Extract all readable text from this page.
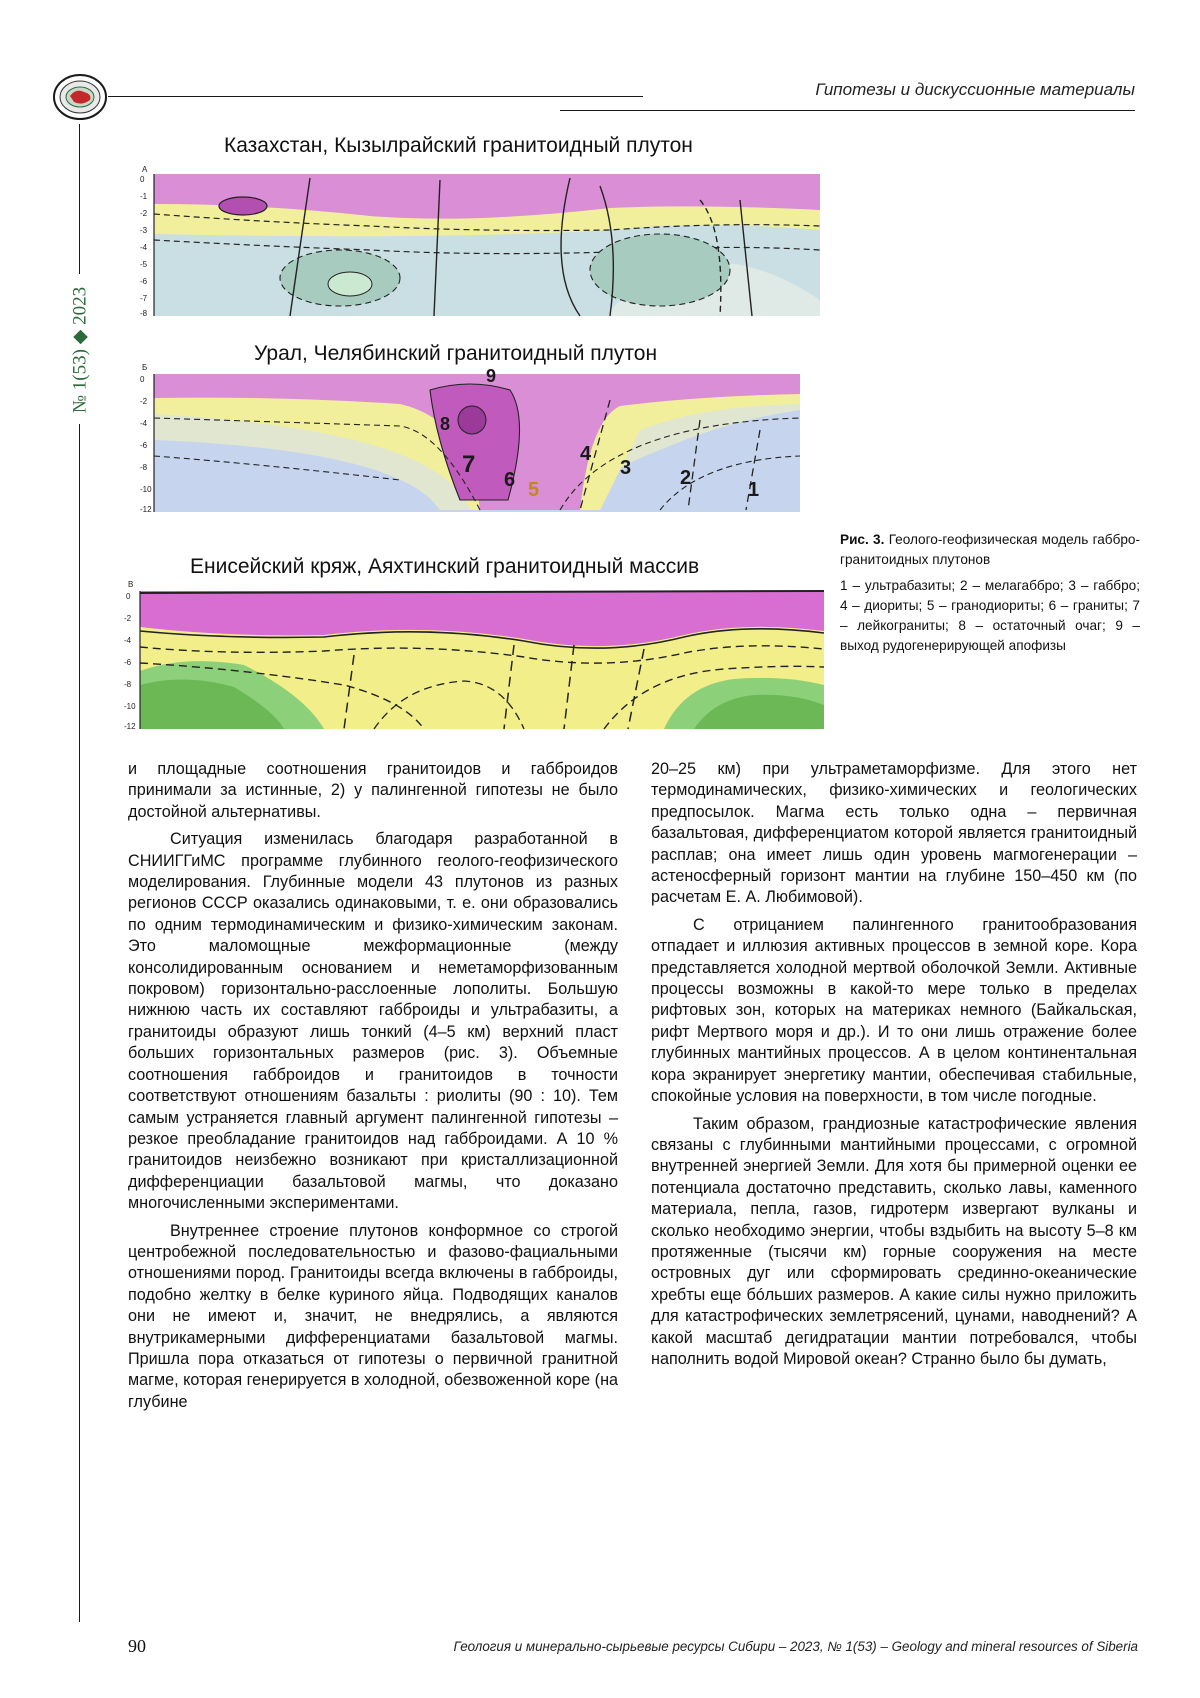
Гипотезы и дискуссионные материалы
№ 1(53) ◆ 2023
Казахстан, Кызылрайский гранитоидный плутон
A
0
-1
-2
-3
-4
-5
-6
-7
-8
Урал, Челябинский гранитоидный плутон
Б
0
-2
-4
-6
-8
-10
-12
9
8
7
6 5
4
3 2
1
Енисейский кряж, Аяхтинский гранитоидный массив
В
0
-2
-4
-6
-8
-10
-12
Рис. 3. Геолого-геофизическая модель габбро-гранитоидных плутонов
1 – ультрабазиты; 2 – мелагаббро; 3 – габбро; 4 – диориты; 5 – гранодиориты; 6 – граниты; 7 – лейкограниты; 8 – остаточный очаг; 9 – выход рудогенерирующей апофизы

и площадные соотношения гранитоидов и габброидов принимали за истинные, 2) у палингенной гипотезы не было достойной альтернативы.

Ситуация изменилась благодаря разработанной в СНИИГГиМС программе глубинного геолого-геофизического моделирования. Глубинные модели 43 плутонов из разных регионов СССР оказались одинаковыми, т. е. они образовались по одним термодинамическим и физико-химическим законам. Это маломощные межформационные (между консолидированным основанием и неметаморфизованным покровом) горизонтально-расслоенные лополиты. Большую нижнюю часть их составляют габброиды и ультрабазиты, а гранитоиды образуют лишь тонкий (4–5 км) верхний пласт больших горизонтальных размеров (рис. 3). Объемные соотношения габброидов и гранитоидов в точности соответствуют отношениям базальты : риолиты (90 : 10). Тем самым устраняется главный аргумент палингенной гипотезы – резкое преобладание гранитоидов над габброидами. А 10 % гранитоидов неизбежно возникают при кристаллизационной дифференциации базальтовой магмы, что доказано многочисленными экспериментами.

Внутреннее строение плутонов конформное со строгой центробежной последовательностью и фазово-фациальными отношениями пород. Гранитоиды всегда включены в габброиды, подобно желтку в белке куриного яйца. Подводящих каналов они не имеют и, значит, не внедрялись, а являются внутрикамерными дифференциатами базальтовой магмы. Пришла пора отказаться от гипотезы о первичной гранитной магме, которая генерируется в холодной, обезвоженной коре (на глубине

20–25 км) при ультраметаморфизме. Для этого нет термодинамических, физико-химических и геологических предпосылок. Магма есть только одна – первичная базальтовая, дифференциатом которой является гранитоидный расплав; она имеет лишь один уровень магмогенерации – астеносферный горизонт мантии на глубине 150–450 км (по расчетам Е. А. Любимовой).

С отрицанием палингенного гранитообразования отпадает и иллюзия активных процессов в земной коре. Кора представляется холодной мертвой оболочкой Земли. Активные процессы возможны в какой-то мере только в пределах рифтовых зон, которых на материках немного (Байкальская, рифт Мертвого моря и др.). И то они лишь отражение более глубинных мантийных процессов. А в целом континентальная кора экранирует энергетику мантии, обеспечивая стабильные, спокойные условия на поверхности, в том числе погодные.

Таким образом, грандиозные катастрофические явления связаны с глубинными мантийными процессами, с огромной внутренней энергией Земли. Для хотя бы примерной оценки ее потенциала достаточно представить, сколько лавы, каменного материала, пепла, газов, гидротерм извергают вулканы и сколько необходимо энергии, чтобы вздыбить на высоту 5–8 км протяженные (тысячи км) горные сооружения на месте островных дуг или сформировать срединно-океанические хребты еще бóльших размеров. А какие силы нужно приложить для катастрофических землетрясений, цунами, наводнений? А какой масштаб дегидратации мантии потребовался, чтобы наполнить водой Мировой океан? Странно было бы думать,

90	Геология и минерально-сырьевые ресурсы Сибири – 2023, № 1(53) – Geology and mineral resources of Siberia
